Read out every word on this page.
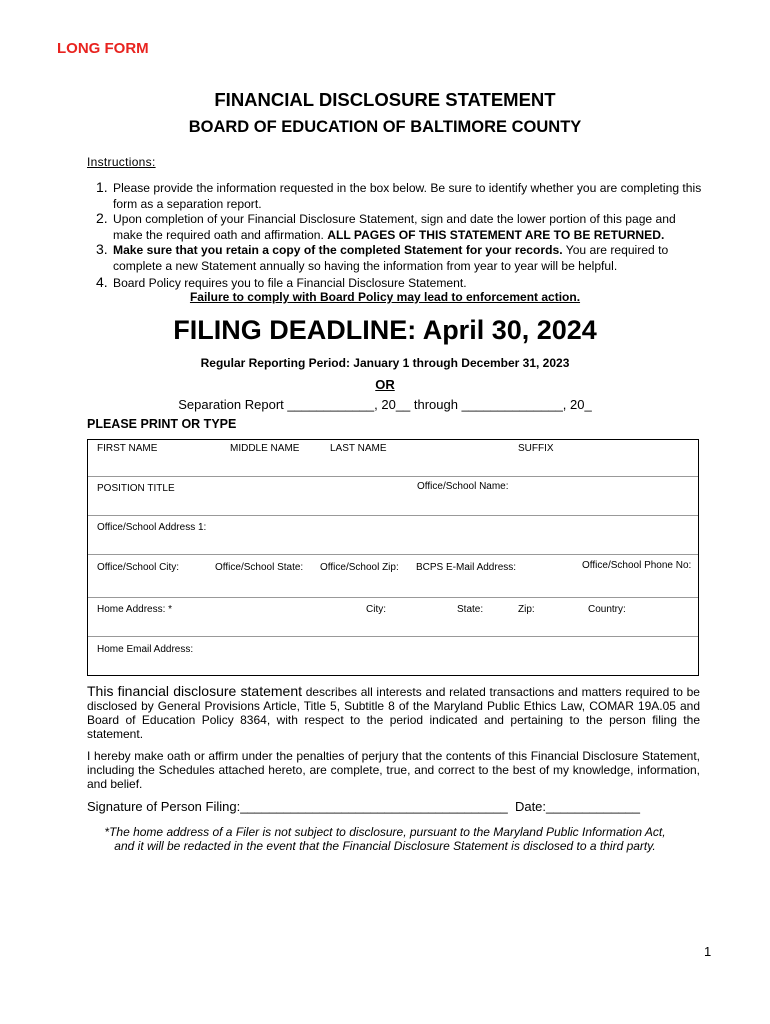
LONG FORM
FINANCIAL DISCLOSURE STATEMENT
BOARD OF EDUCATION OF BALTIMORE COUNTY
Instructions:
1. Please provide the information requested in the box below. Be sure to identify whether you are completing this form as a separation report.
2. Upon completion of your Financial Disclosure Statement, sign and date the lower portion of this page and make the required oath and affirmation. ALL PAGES OF THIS STATEMENT ARE TO BE RETURNED.
3. Make sure that you retain a copy of the completed Statement for your records. You are required to complete a new Statement annually so having the information from year to year will be helpful.
4. Board Policy requires you to file a Financial Disclosure Statement.
Failure to comply with Board Policy may lead to enforcement action.
FILING DEADLINE: April 30, 2024
Regular Reporting Period: January 1 through December 31, 2023
OR
Separation Report ____________, 20__ through ______________, 20_
PLEASE PRINT OR TYPE
FIRST NAME	MIDDLE NAME	LAST NAME	SUFFIX
POSITION TITLE	Office/School Name:
Office/School Address 1:
Office/School City:	Office/School State: Office/School Zip: BCPS E-Mail Address:	Office/School Phone No:
Home Address: *	City:	State:	Zip:	Country:
Home Email Address:
This financial disclosure statement describes all interests and related transactions and matters required to be disclosed by General Provisions Article, Title 5, Subtitle 8 of the Maryland Public Ethics Law, COMAR 19A.05 and Board of Education Policy 8364, with respect to the period indicated and pertaining to the person filing the statement.
I hereby make oath or affirm under the penalties of perjury that the contents of this Financial Disclosure Statement, including the Schedules attached hereto, are complete, true, and correct to the best of my knowledge, information, and belief.
Signature of Person Filing:_____________________________________ Date:_____________
*The home address of a Filer is not subject to disclosure, pursuant to the Maryland Public Information Act,
and it will be redacted in the event that the Financial Disclosure Statement is disclosed to a third party.
1
